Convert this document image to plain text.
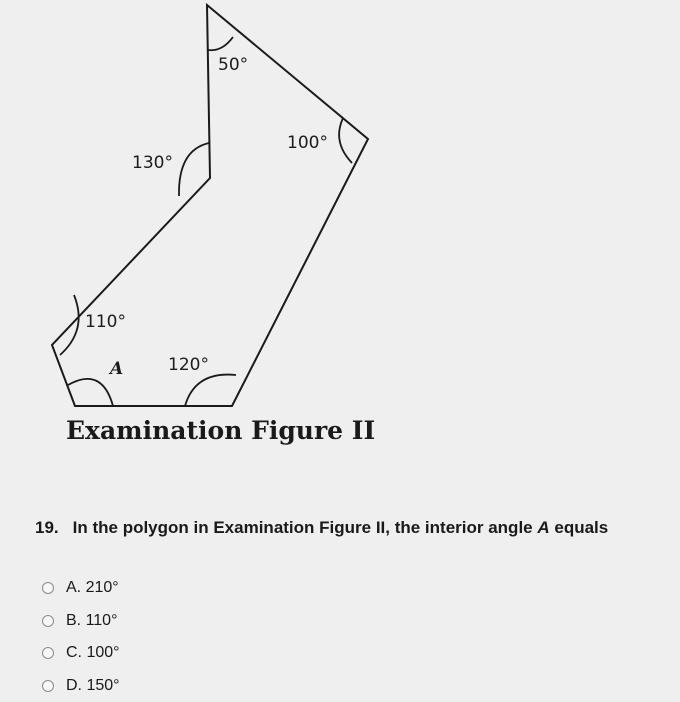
50°
100°
130°
110°
A	120°
Examination Figure II
19. In the polygon in Examination Figure II, the interior angle A equals
A. 210°
B. 110°
C. 100°
D. 150°
